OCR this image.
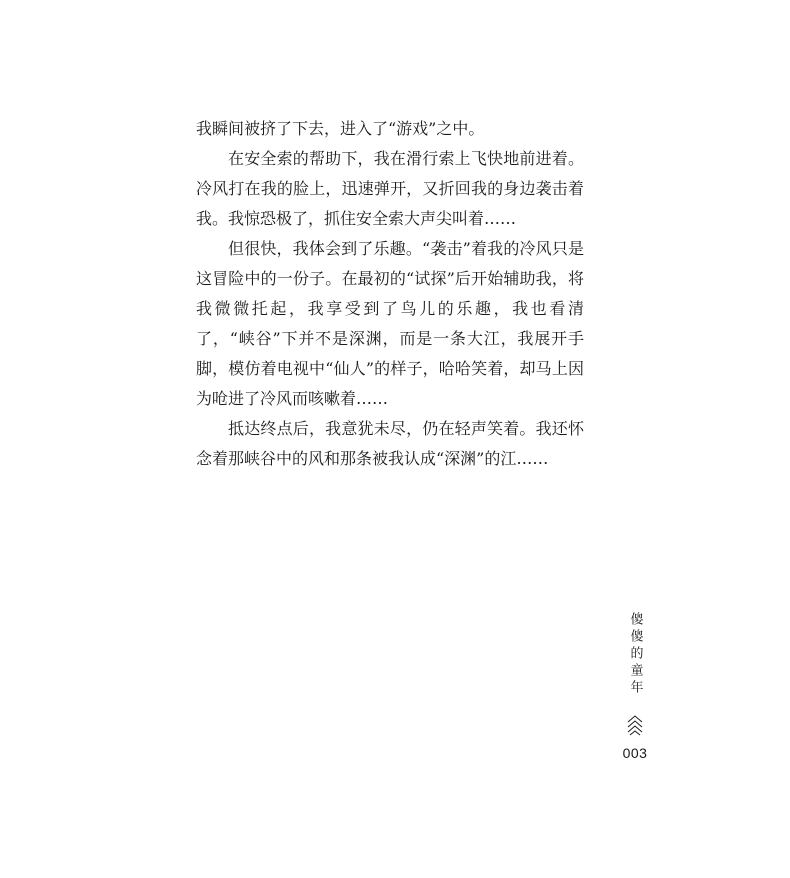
我瞬间被挤了下去，进入了“游戏”之中。

在安全索的帮助下，我在滑行索上飞快地前进着。冷风打在我的脸上，迅速弹开，又折回我的身边袭击着我。我惊恐极了，抓住安全索大声尖叫着……

但很快，我体会到了乐趣。“袭击”着我的冷风只是这冒险中的一份子。在最初的“试探”后开始辅助我，将我微微托起，我享受到了鸟儿的乐趣，我也看清了，“峡谷”下并不是深渊，而是一条大江，我展开手脚，模仿着电视中“仙人”的样子，哈哈笑着，却马上因为呛进了冷风而咳嗽着……

抵达终点后，我意犹未尽，仍在轻声笑着。我还怀念着那峡谷中的风和那条被我认成“深渊”的江……

傻傻的童年
003
